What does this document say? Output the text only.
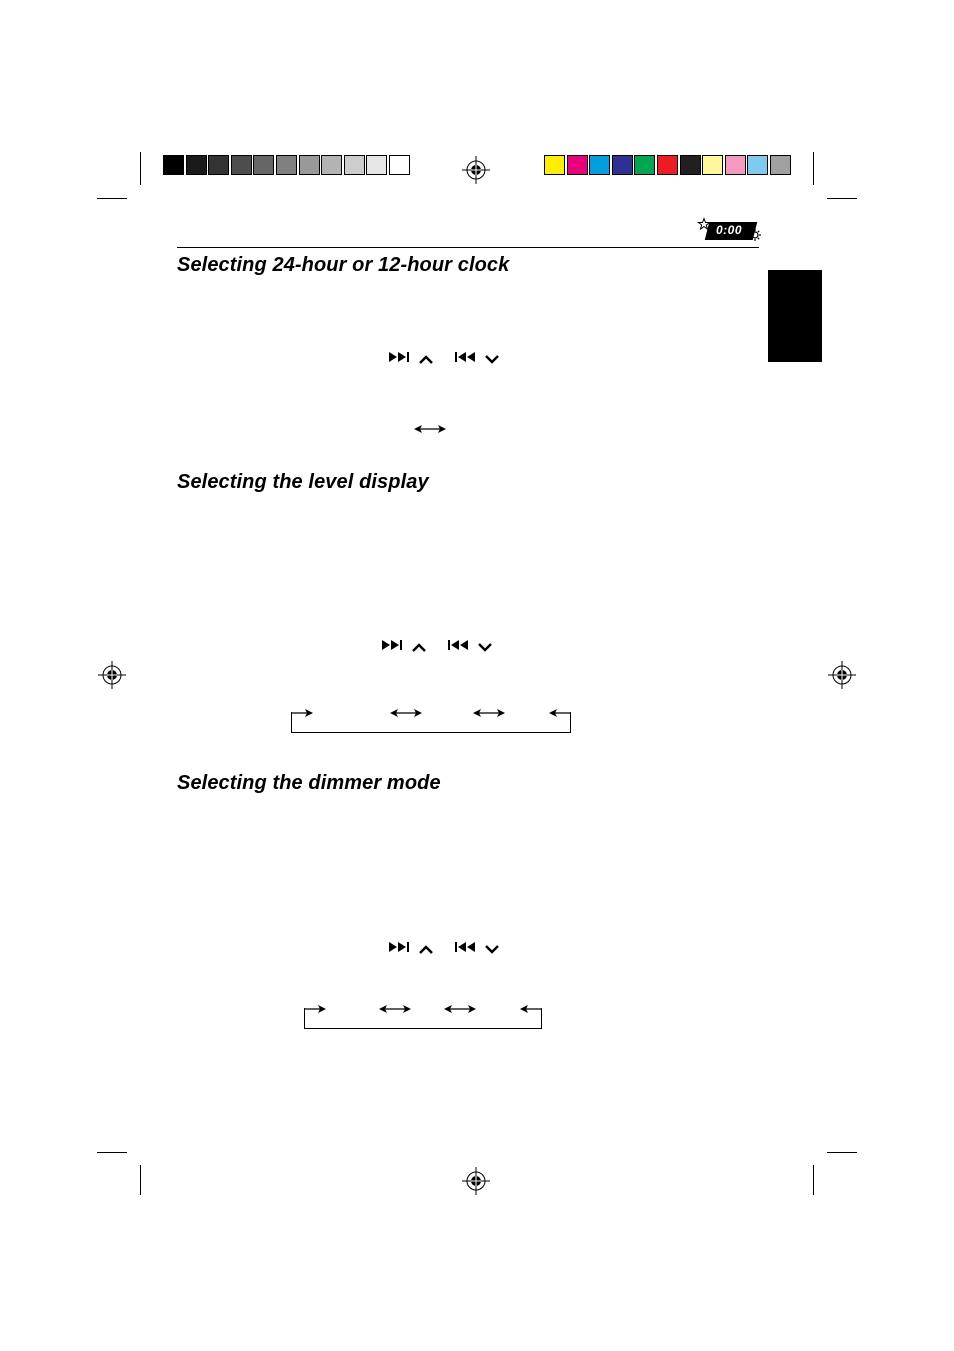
0:00
Selecting 24-hour or 12-hour clock
Selecting the level display
Selecting the dimmer mode
